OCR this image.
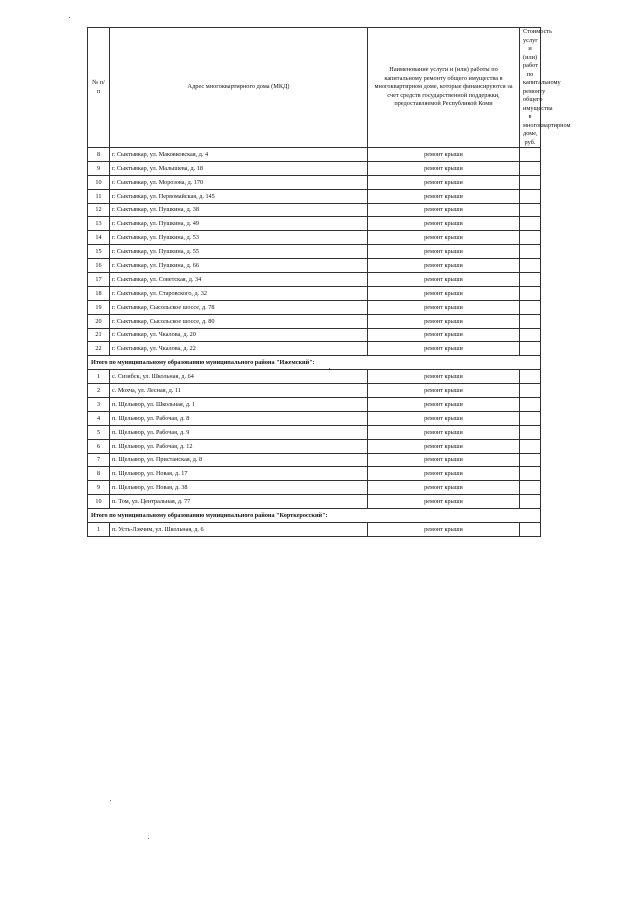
№ п/п	Адрес многоквартирного дома (МКД)	Наименование услуги и (или) работы по капитальному ремонту общего имущества в многоквартирном доме, которые финансируются за счет средств государственной поддержки, предоставляемой Республикой Коми	Стоимость услуг и (или) работ по капитальному ремонту общего имущества в многоквартирном доме, руб.
8	г. Сыктывкар, ул. Маковковская, д. 4	ремонт крыши	
9	г. Сыктывкар, ул. Малышева, д. 18	ремонт крыши	
10	г. Сыктывкар, ул. Морозова, д. 170	ремонт крыши	
11	г. Сыктывкар, ул. Первомайская, д. 145	ремонт крыши	
12	г. Сыктывкар, ул. Пушкина, д. 38	ремонт крыши	
13	г. Сыктывкар, ул. Пушкина, д. 49	ремонт крыши	
14	г. Сыктывкар, ул. Пушкина, д. 53	ремонт крыши	
15	г. Сыктывкар, ул. Пушкина, д. 55	ремонт крыши	
16	г. Сыктывкар, ул. Пушкина, д. 66	ремонт крыши	
17	г. Сыктывкар, ул. Советская, д. 34	ремонт крыши	
18	г. Сыктывкар, ул. Старовского, д. 32	ремонт крыши	
19	г. Сыктывкар, Сысольское шоссе, д. 78	ремонт крыши	
20	г. Сыктывкар, Сысольское шоссе, д. 80	ремонт крыши	
21	г. Сыктывкар, ул. Чкалова, д. 20	ремонт крыши	
22	г. Сыктывкар, ул. Чкалова, д. 22	ремонт крыши	
Итого по муниципальному образованию муниципального района "Ижемский":			
1	с. Сизябск, ул. Школьная, д. 64	ремонт крыши	
2	с. Мохча, ул. Лесная, д. 11	ремонт крыши	
3	п. Щельяюр, ул. Школьная, д. 1	ремонт крыши	
4	п. Щельяюр, ул. Рабочая, д. 8	ремонт крыши	
5	п. Щельяюр, ул. Рабочая, д. 9	ремонт крыши	
6	п. Щельяюр, ул. Рабочая, д. 12	ремонт крыши	
7	п. Щельяюр, ул. Пристанская, д. 8	ремонт крыши	
8	п. Щельяюр, ул. Новая, д. 17	ремонт крыши	
9	п. Щельяюр, ул. Новая, д. 38	ремонт крыши	
10	п. Том, ул. Центральная, д. 77	ремонт крыши	
Итого по муниципальному образованию муниципального района "Корткеросский":			
1	п. Усть-Лэкчим, ул. Школьная, д. 6	ремонт крыши	
